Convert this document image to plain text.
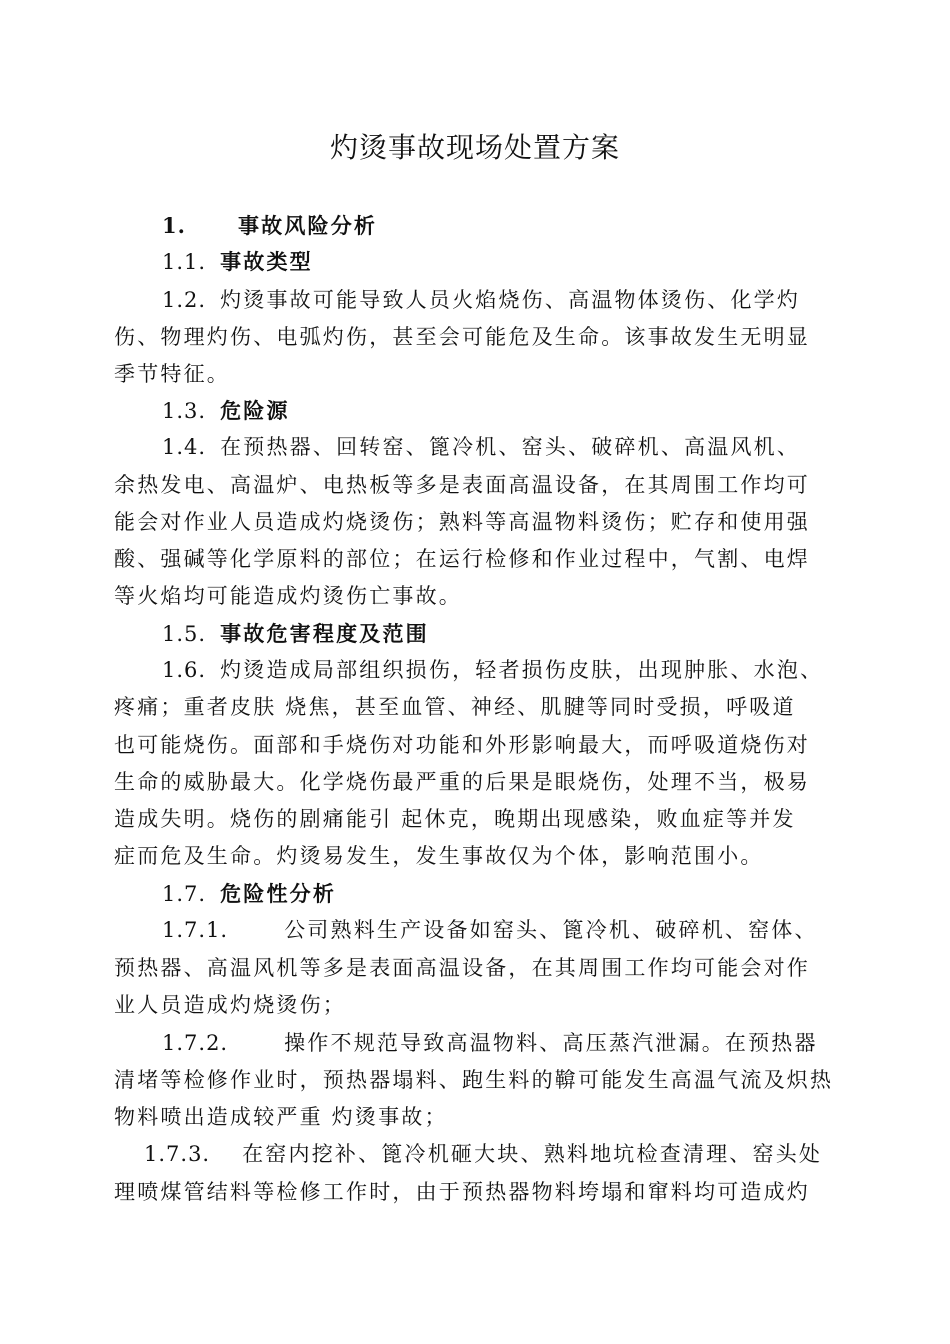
灼烫事故现场处置方案
1. 事故风险分析
1.1. 事故类型
1.2. 灼烫事故可能导致人员火焰烧伤、高温物体烫伤、化学灼
伤、物理灼伤、电弧灼伤，甚至会可能危及生命。该事故发生无明显
季节特征。
1.3. 危险源
1.4. 在预热器、回转窑、篦冷机、窑头、破碎机、高温风机、
余热发电、高温炉、电热板等多是表面高温设备，在其周围工作均可
能会对作业人员造成灼烧烫伤；熟料等高温物料烫伤；贮存和使用强
酸、强碱等化学原料的部位；在运行检修和作业过程中，气割、电焊
等火焰均可能造成灼烫伤亡事故。
1.5. 事故危害程度及范围
1.6. 灼烫造成局部组织损伤，轻者损伤皮肤，出现肿胀、水泡、
疼痛；重者皮肤 烧焦，甚至血管、神经、肌腱等同时受损，呼吸道
也可能烧伤。面部和手烧伤对功能和外形影响最大，而呼吸道烧伤对
生命的威胁最大。化学烧伤最严重的后果是眼烧伤，处理不当，极易
造成失明。烧伤的剧痛能引 起休克，晚期出现感染，败血症等并发
症而危及生命。灼烫易发生，发生事故仅为个体，影响范围小。
1.7. 危险性分析
1.7.1.	公司熟料生产设备如窑头、篦冷机、破碎机、窑体、
预热器、高温风机等多是表面高温设备，在其周围工作均可能会对作
业人员造成灼烧烫伤；
1.7.2.	操作不规范导致高温物料、高压蒸汽泄漏。在预热器
清堵等检修作业时，预热器塌料、跑生料的鞥可能发生高温气流及炽热
物料喷出造成较严重 灼烫事故；
1.7.3. 在窑内挖补、篦冷机砸大块、熟料地坑检查清理、窑头处
理喷煤管结料等检修工作时，由于预热器物料垮塌和窜料均可造成灼
